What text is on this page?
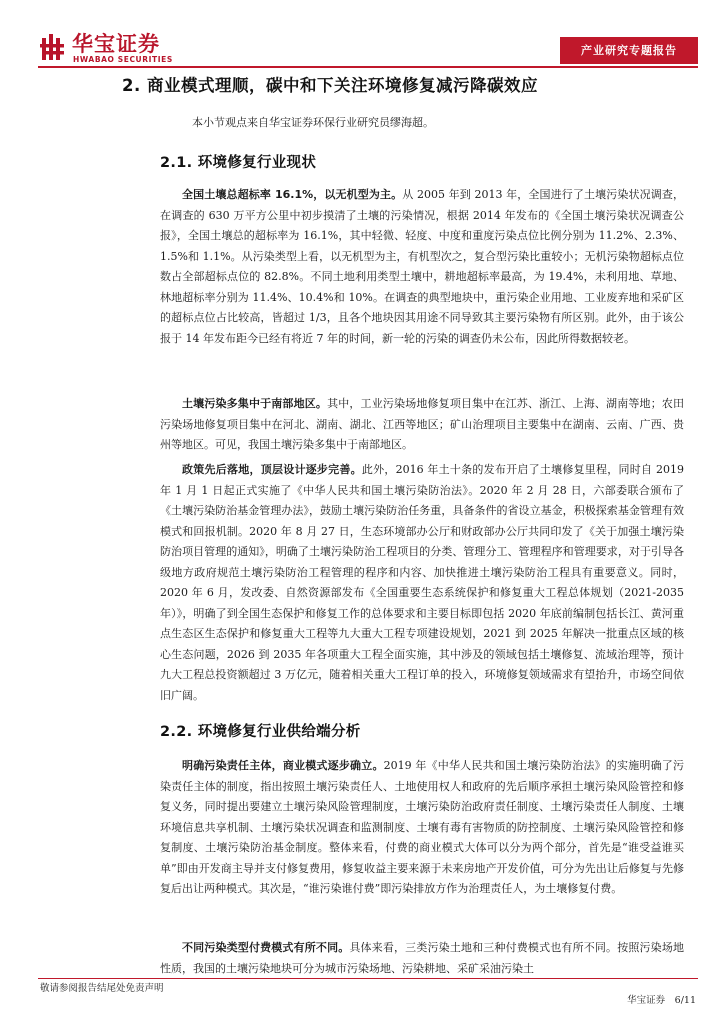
华宝证券
HWABAO SECURITIES
产业研究专题报告
2. 商业模式理顺，碳中和下关注环境修复减污降碳效应
本小节观点来自华宝证券环保行业研究员缪海超。
2.1. 环境修复行业现状

全国土壤总超标率 16.1%，以无机型为主。从 2005 年到 2013 年，全国进行了土壤污染状况调查，在调查的 630 万平方公里中初步摸清了土壤的污染情况，根据 2014 年发布的《全国土壤污染状况调查公报》，全国土壤总的超标率为 16.1%，其中轻微、轻度、中度和重度污染点位比例分别为 11.2%、2.3%、1.5%和 1.1%。从污染类型上看，以无机型为主，有机型次之，复合型污染比重较小；无机污染物超标点位数占全部超标点位的 82.8%。不同土地利用类型土壤中，耕地超标率最高，为 19.4%，未利用地、草地、林地超标率分别为 11.4%、10.4%和 10%。在调查的典型地块中，重污染企业用地、工业废弃地和采矿区的超标点位占比较高，皆超过 1/3，且各个地块因其用途不同导致其主要污染物有所区别。此外，由于该公报于 14 年发布距今已经有将近 7 年的时间，新一轮的污染的调查仍未公布，因此所得数据较老。

土壤污染多集中于南部地区。其中，工业污染场地修复项目集中在江苏、浙江、上海、湖南等地；农田污染场地修复项目集中在河北、湖南、湖北、江西等地区；矿山治理项目主要集中在湖南、云南、广西、贵州等地区。可见，我国土壤污染多集中于南部地区。

政策先后落地，顶层设计逐步完善。此外，2016 年土十条的发布开启了土壤修复里程，同时自 2019 年 1 月 1 日起正式实施了《中华人民共和国土壤污染防治法》。2020 年 2 月 28 日，六部委联合颁布了《土壤污染防治基金管理办法》，鼓励土壤污染防治任务重，具备条件的省设立基金，积极探索基金管理有效模式和回报机制。2020 年 8 月 27 日，生态环境部办公厅和财政部办公厅共同印发了《关于加强土壤污染防治项目管理的通知》，明确了土壤污染防治工程项目的分类、管理分工、管理程序和管理要求，对于引导各级地方政府规范土壤污染防治工程管理的程序和内容、加快推进土壤污染防治工程具有重要意义。同时，2020 年 6 月，发改委、自然资源部发布《全国重要生态系统保护和修复重大工程总体规划（2021-2035 年）》，明确了到全国生态保护和修复工作的总体要求和主要目标即包括 2020 年底前编制包括长江、黄河重点生态区生态保护和修复重大工程等九大重大工程专项建设规划，2021 到 2025 年解决一批重点区域的核心生态问题，2026 到 2035 年各项重大工程全面实施，其中涉及的领域包括土壤修复、流域治理等，预计九大工程总投资额超过 3 万亿元，随着相关重大工程订单的投入，环境修复领域需求有望抬升，市场空间依旧广阔。

2.2. 环境修复行业供给端分析

明确污染责任主体，商业模式逐步确立。2019 年《中华人民共和国土壤污染防治法》的实施明确了污染责任主体的制度，指出按照土壤污染责任人、土地使用权人和政府的先后顺序承担土壤污染风险管控和修复义务，同时提出要建立土壤污染风险管理制度，土壤污染防治政府责任制度、土壤污染责任人制度、土壤环境信息共享机制、土壤污染状况调查和监测制度、土壤有毒有害物质的防控制度、土壤污染风险管控和修复制度、土壤污染防治基金制度。整体来看，付费的商业模式大体可以分为两个部分，首先是“谁受益谁买单”即由开发商主导并支付修复费用，修复收益主要来源于未来房地产开发价值，可分为先出让后修复与先修复后出让两种模式。其次是，“谁污染谁付费”即污染排放方作为治理责任人，为土壤修复付费。

不同污染类型付费模式有所不同。具体来看，三类污染土地和三种付费模式也有所不同。按照污染场地性质，我国的土壤污染地块可分为城市污染场地、污染耕地、采矿采油污染土

敬请参阅报告结尾处免责声明
华宝证券　6/11
